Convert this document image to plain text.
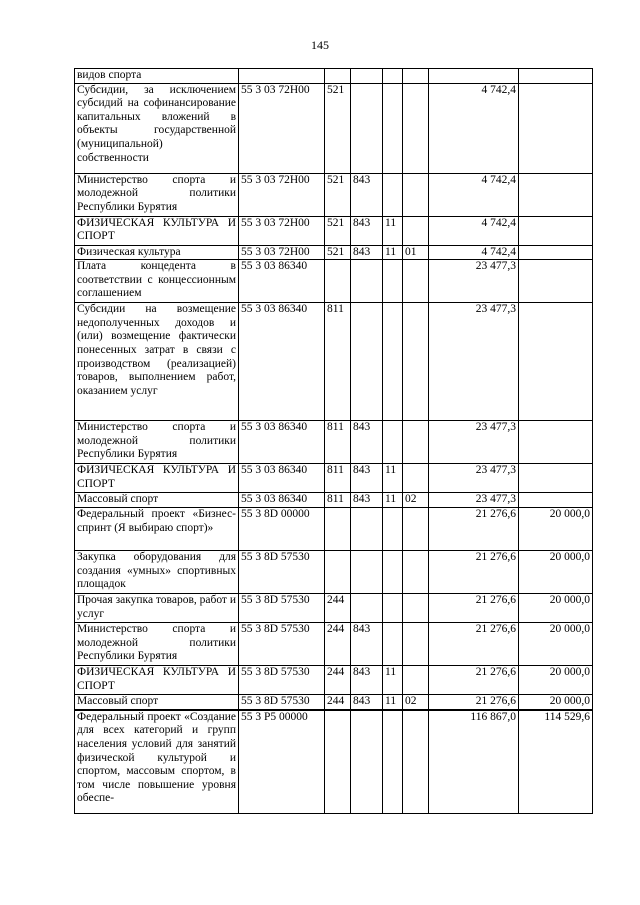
145
видов спорта							
Субсидии, за исключением субсидий на софинансирование капитальных вложений в объекты государственной (муниципальной) собственности	55 3 03 72Н00	521				4 742,4	
Министерство спорта и молодежной политики Республики Бурятия	55 3 03 72Н00	521	843			4 742,4	
ФИЗИЧЕСКАЯ КУЛЬТУРА И СПОРТ	55 3 03 72Н00	521	843	11		4 742,4	
Физическая культура	55 3 03 72Н00	521	843	11	01	4 742,4	
Плата концедента в соответствии с концессионным соглашением	55 3 03 86340					23 477,3	
Субсидии на возмещение недополученных доходов и (или) возмещение фактически понесенных затрат в связи с производством (реализацией) товаров, выполнением работ, оказанием услуг	55 3 03 86340	811				23 477,3	
Министерство спорта и молодежной политики Республики Бурятия	55 3 03 86340	811	843			23 477,3	
ФИЗИЧЕСКАЯ КУЛЬТУРА И СПОРТ	55 3 03 86340	811	843	11		23 477,3	
Массовый спорт	55 3 03 86340	811	843	11	02	23 477,3	
Федеральный проект «Бизнес-спринт (Я выбираю спорт)»	55 3 8D 00000					21 276,6	20 000,0
Закупка оборудования для создания «умных» спортивных площадок	55 3 8D 57530					21 276,6	20 000,0
Прочая закупка товаров, работ и услуг	55 3 8D 57530	244				21 276,6	20 000,0
Министерство спорта и молодежной политики Республики Бурятия	55 3 8D 57530	244	843			21 276,6	20 000,0
ФИЗИЧЕСКАЯ КУЛЬТУРА И СПОРТ	55 3 8D 57530	244	843	11		21 276,6	20 000,0
Массовый спорт	55 3 8D 57530	244	843	11	02	21 276,6	20 000,0
Федеральный проект «Создание для всех категорий и групп населения условий для занятий физической культурой и спортом, массовым спортом, в том числе повышение уровня обеспе-	55 3 P5 00000					116 867,0	114 529,6
